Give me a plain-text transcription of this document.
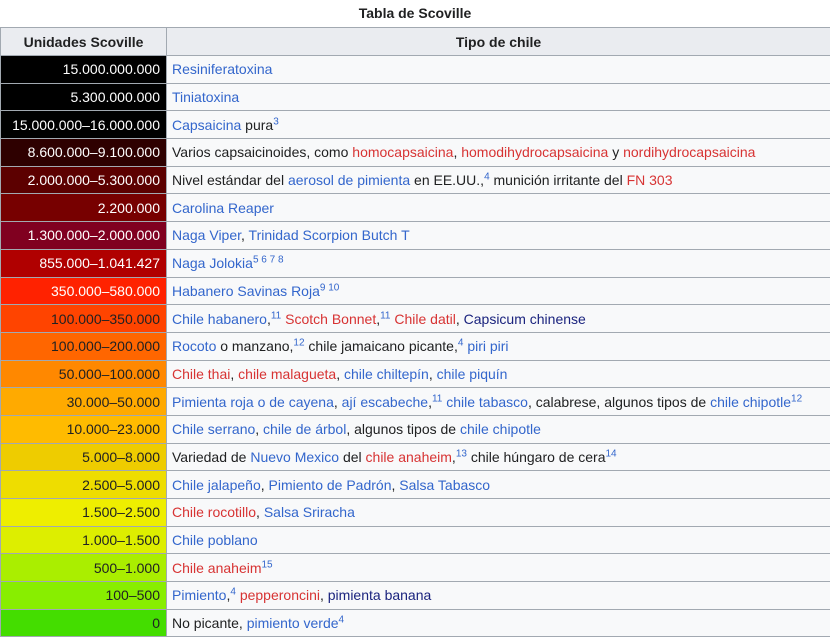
Tabla de Scoville
Unidades Scoville	Tipo de chile
15.000.000.000	Resiniferatoxina
5.300.000.000	Tiniatoxina
15.000.000–16.000.000	Capsaicina pura$^3$
8.600.000–9.100.000	Varios capsaicinoides, como homocapsaicina, homodihydrocapsaicina y nordihydrocapsaicina
2.000.000–5.300.000	Nivel estándar del aerosol de pimienta en EE.UU.,$^4$ munición irritante del FN 303
2.200.000	Carolina Reaper
1.300.000–2.000.000	Naga Viper, Trinidad Scorpion Butch T
855.000–1.041.427	Naga Jolokia$^{5 6 7 8}$
350.000–580.000	Habanero Savinas Roja$^{9 10}$
100.000–350.000	Chile habanero,$^{11}$ Scotch Bonnet,$^{11}$ Chile datil, Capsicum chinense
100.000–200.000	Rocoto o manzano,$^{12}$ chile jamaicano picante,$^4$ piri piri
50.000–100.000	Chile thai, chile malagueta, chile chiltepín, chile piquín
30.000–50.000	Pimienta roja o de cayena, ají escabeche,$^{11}$ chile tabasco, calabrese, algunos tipos de chile chipotle$^{12}$
10.000–23.000	Chile serrano, chile de árbol, algunos tipos de chile chipotle
5.000–8.000	Variedad de Nuevo Mexico del chile anaheim,$^{13}$ chile húngaro de cera$^{14}$
2.500–5.000	Chile jalapeño, Pimiento de Padrón, Salsa Tabasco
1.500–2.500	Chile rocotillo, Salsa Sriracha
1.000–1.500	Chile poblano
500–1.000	Chile anaheim$^{15}$
100–500	Pimiento,$^4$ pepperoncini, pimienta banana
0	No picante, pimiento verde$^4$
